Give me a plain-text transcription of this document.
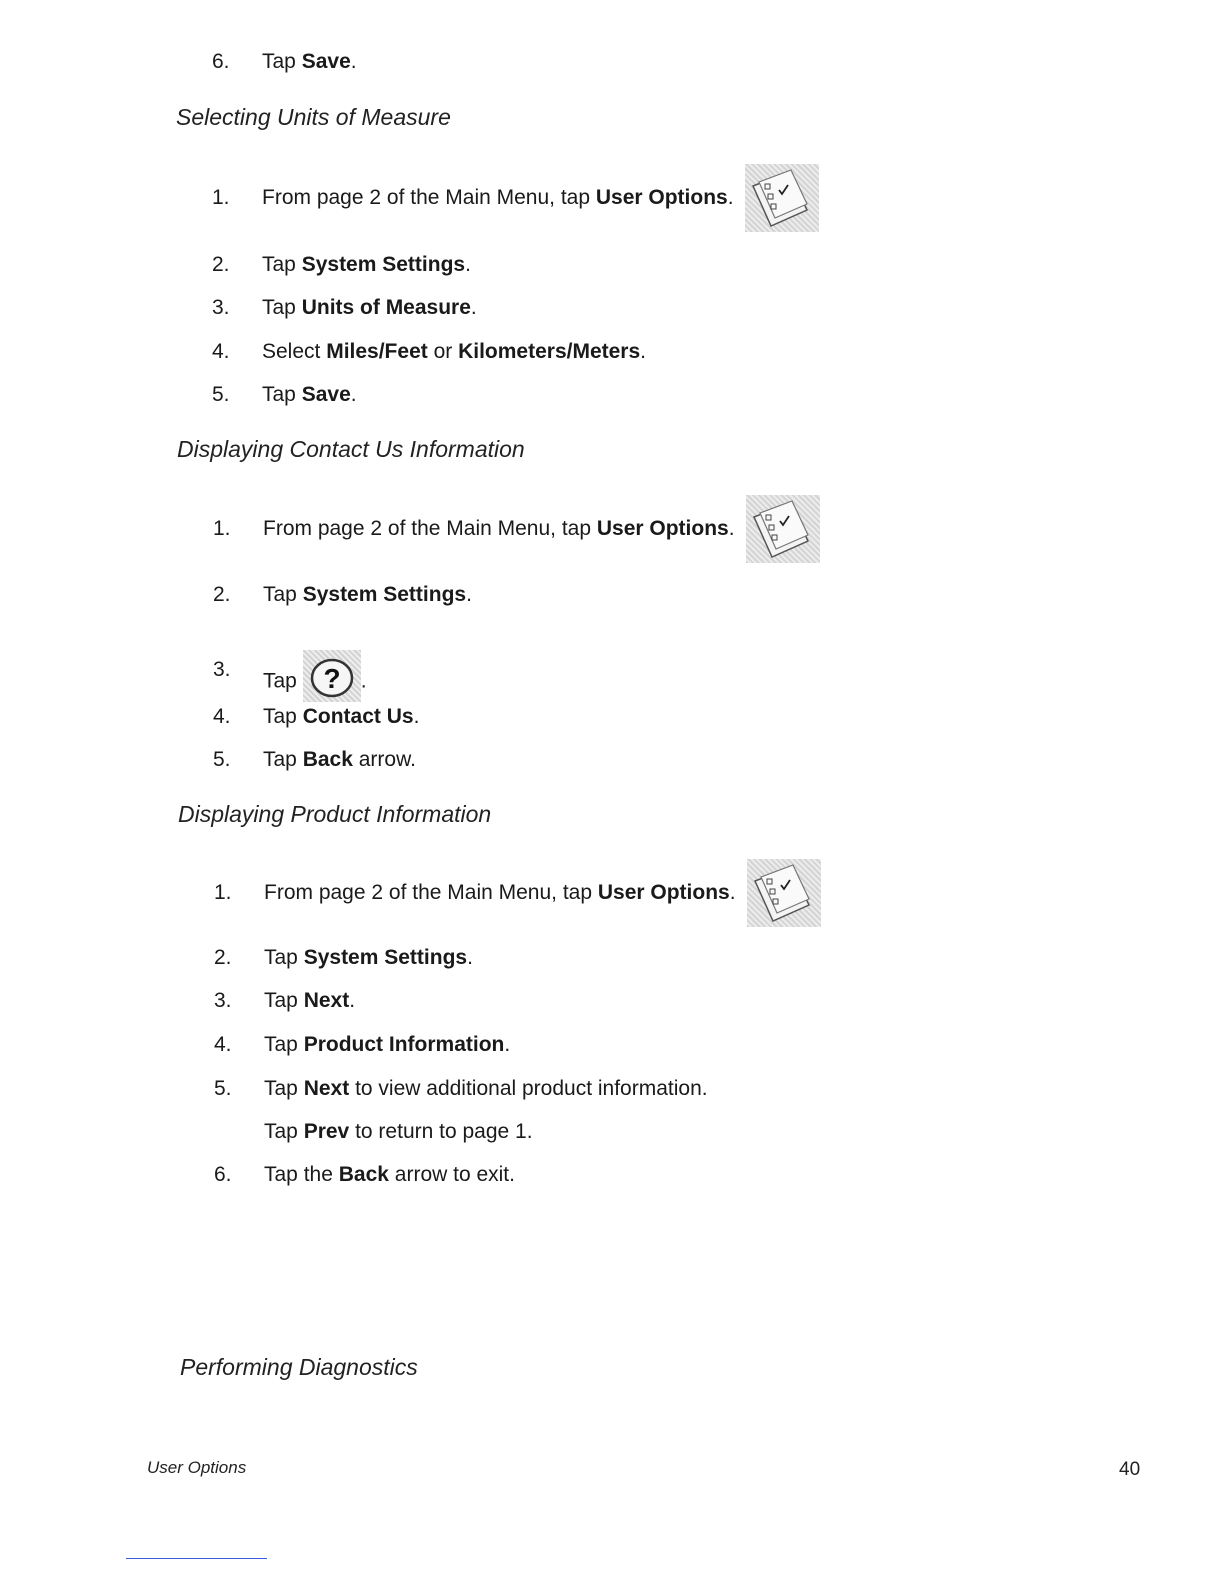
6.	Tap Save.
Selecting Units of Measure
1.	From page 2 of the Main Menu, tap User Options.
2.	Tap System Settings.
3.	Tap Units of Measure.
4.	Select Miles/Feet or Kilometers/Meters.
5.	Tap Save.
Displaying Contact Us Information
1.	From page 2 of the Main Menu, tap User Options.
2.	Tap System Settings.
3.
Tap ? .
4.	Tap Contact Us.
5.	Tap Back arrow.
Displaying Product Information
1.	From page 2 of the Main Menu, tap User Options.
2.	Tap System Settings.
3.	Tap Next.
4.	Tap Product Information.
5.	Tap Next to view additional product information.
Tap Prev to return to page 1.
6.	Tap the Back arrow to exit.
Performing Diagnostics
User Options	40
